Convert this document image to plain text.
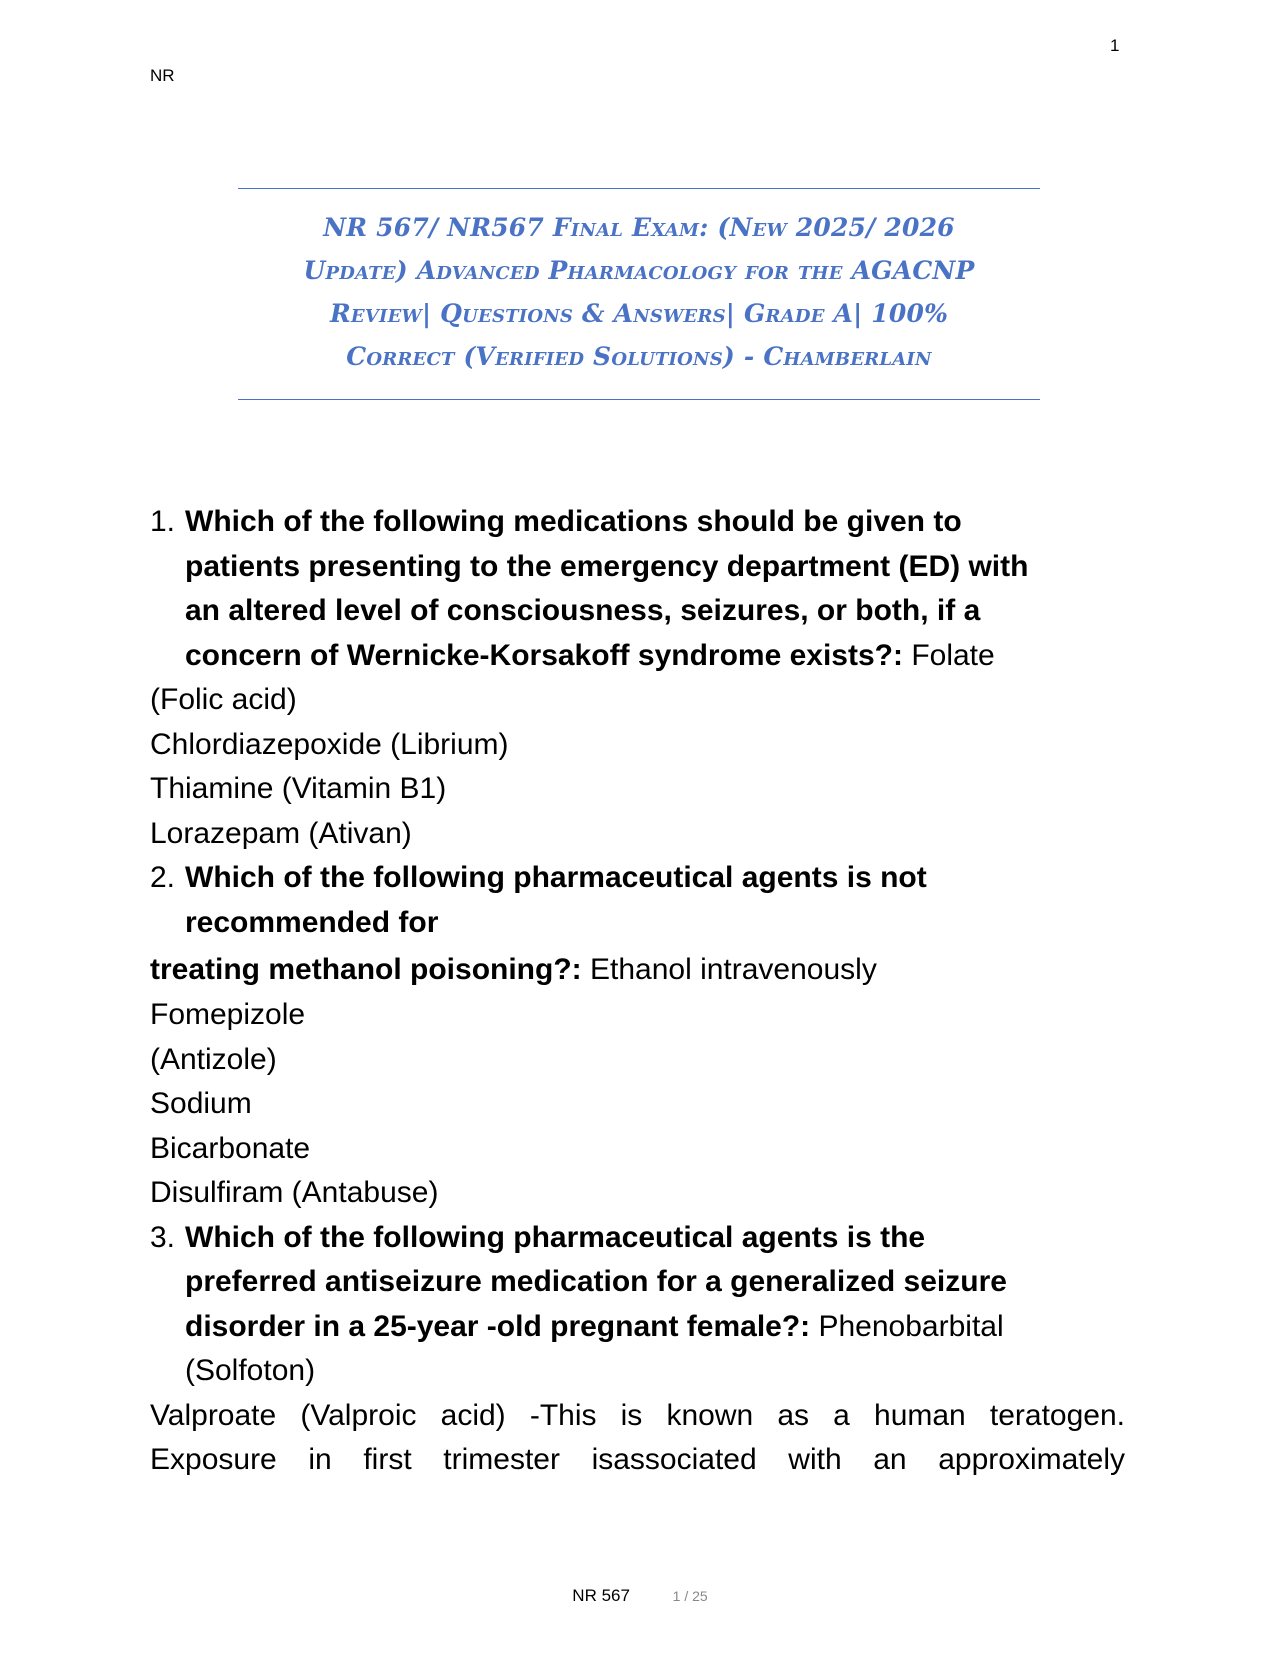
NR
1
NR 567/ NR567 Final Exam: (New 2025/ 2026
Update) Advanced Pharmacology for the AGACNP
Review| Questions & Answers| Grade A| 100%
Correct (Verified Solutions) - Chamberlain
1. Which of the following medications should be given to
patients presenting to the emergency department (ED) with
an altered level of consciousness, seizures, or both, if a
concern of Wernicke-Korsakoff syndrome exists?: Folate
(Folic acid)
Chlordiazepoxide (Librium)
Thiamine (Vitamin B1)
Lorazepam (Ativan)
2. Which of the following pharmaceutical agents is not
recommended for
treating methanol poisoning?: Ethanol intravenously
Fomepizole
(Antizole)
Sodium
Bicarbonate
Disulfiram (Antabuse)
3. Which of the following pharmaceutical agents is the
preferred antiseizure medication for a generalized seizure
disorder in a 25-year -old pregnant female?: Phenobarbital
(Solfoton)
Valproate (Valproic acid) -This is known as a human teratogen.
Exposure in first trimester isassociated with an approximately
NR 567	1 / 25
